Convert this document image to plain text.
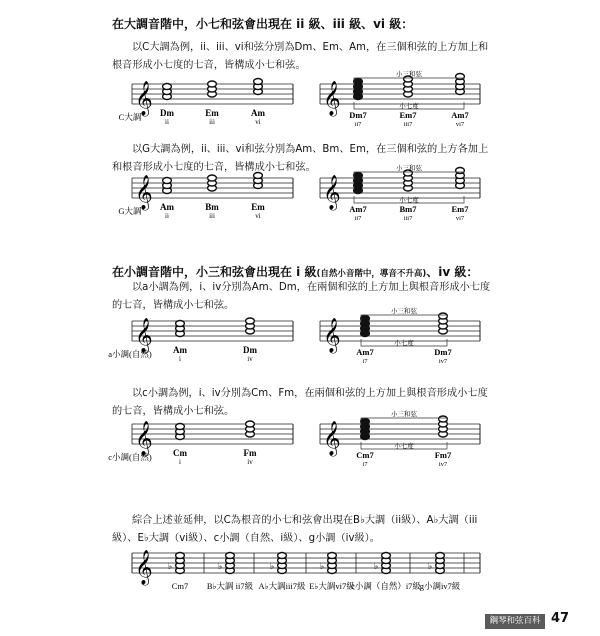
在大調音階中，小七和弦會出現在 ii 級、iii 級、vi 級：
以C大調為例，ii、iii、vi和弦分別為Dm、Em、Am，在三個和弦的上方加上和根音形成小七度的七音，皆構成小七和弦。
𝄞 Dm
ii
Em
iii
Am
vi
C大調
𝄞 Dm7
ii7
Em7
iii7
Am7
vi7
小三和弦
小七度
以G大調為例，ii、iii、vi和弦分別為Am、Bm、Em，在三個和弦的上方各加上和根音形成小七度的七音，皆構成小七和弦。
𝄞 Am
ii
Bm
iii
Em
vi
G大調
𝄞 Am7
ii7
Bm7
iii7
Em7
vi7
小三和弦
小七度
在小調音階中，小三和弦會出現在 i 級(自然小音階中，導音不升高)、iv 級：
以a小調為例，i、iv分別為Am、Dm，在兩個和弦的上方加上與根音形成小七度的七音，皆構成小七和弦。
𝄞 Am
i
Dm
iv
a小調(自然)
𝄞 Am7
i7
Dm7
iv7
小三和弦
小七度
以c小調為例，i、iv分別為Cm、Fm，在兩個和弦的上方加上與根音形成小七度的七音，皆構成小七和弦。
𝄞 Cm
i
Fm
iv
c小調(自然)
𝄞 Cm7
i7
Fm7
iv7
小三和弦
小七度
綜合上述並延伸，以C為根音的小七和弦會出現在B♭大調（ii級）、A♭大調（iii級）、E♭大調（vi級）、c小調（自然、i級）、g小調（iv級）。
𝄞 ♭
Cm7
♭
B♭大調 ii7級
♭
A♭大調iii7級
♭
E♭大調vi7級
♭
c小調（自然）i7級
♭
g小調iv7級
鋼琴和弦百科 47
